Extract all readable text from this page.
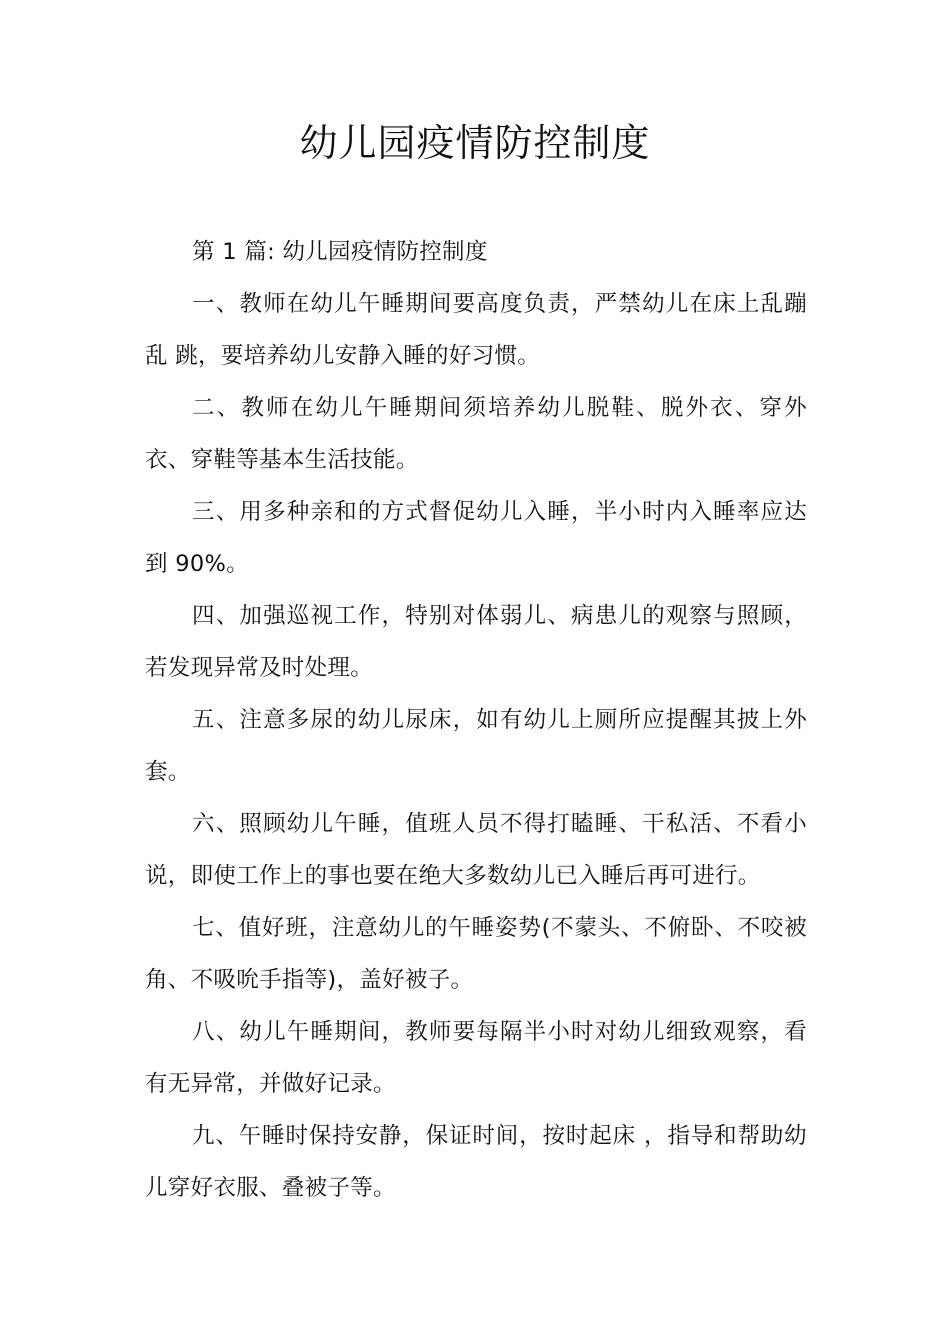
幼儿园疫情防控制度

第 1 篇: 幼儿园疫情防控制度

一、教师在幼儿午睡期间要高度负责，严禁幼儿在床上乱蹦乱 跳，要培养幼儿安静入睡的好习惯。

二、教师在幼儿午睡期间须培养幼儿脱鞋、脱外衣、穿外衣、穿鞋等基本生活技能。

三、用多种亲和的方式督促幼儿入睡，半小时内入睡率应达到 90%。

四、加强巡视工作，特别对体弱儿、病患儿的观察与照顾，若发现异常及时处理。

五、注意多尿的幼儿尿床，如有幼儿上厕所应提醒其披上外套。

六、照顾幼儿午睡，值班人员不得打瞌睡、干私活、不看小说，即使工作上的事也要在绝大多数幼儿已入睡后再可进行。

七、值好班，注意幼儿的午睡姿势(不蒙头、不俯卧、不咬被角、不吸吮手指等)，盖好被子。

八、幼儿午睡期间，教师要每隔半小时对幼儿细致观察，看有无异常，并做好记录。

九、午睡时保持安静，保证时间，按时起床 ，指导和帮助幼儿穿好衣服、叠被子等。
